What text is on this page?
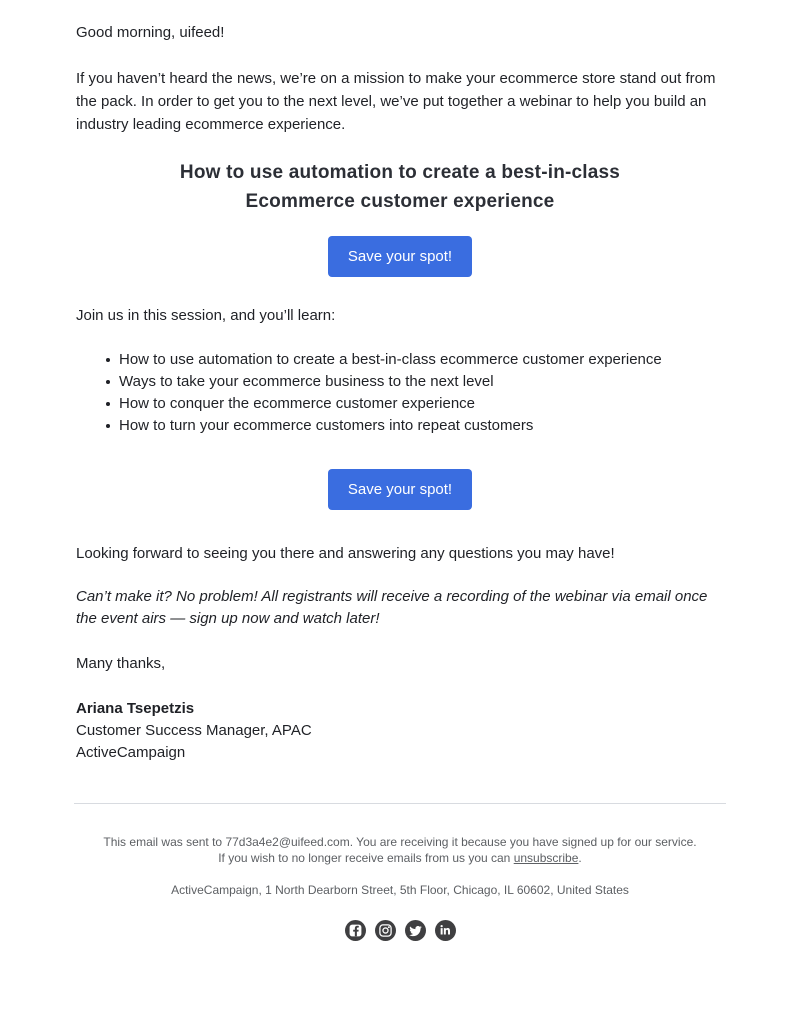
Good morning, uifeed!

If you haven’t heard the news, we’re on a mission to make your ecommerce store stand out from the pack. In order to get you to the next level, we’ve put together a webinar to help you build an industry leading ecommerce experience.

How to use automation to create a best-in-class
Ecommerce customer experience
Save your spot!

Join us in this session, and you’ll learn:

How to use automation to create a best-in-class ecommerce customer experience
Ways to take your ecommerce business to the next level
How to conquer the ecommerce customer experience
How to turn your ecommerce customers into repeat customers
Save your spot!

Looking forward to seeing you there and answering any questions you may have!

Can’t make it? No problem! All registrants will receive a recording of the webinar via email once the event airs — sign up now and watch later!

Many thanks,

Ariana Tsepetzis
Customer Success Manager, APAC
ActiveCampaign

This email was sent to 77d3a4e2@uifeed.com. You are receiving it because you have signed up for our service. If you wish to no longer receive emails from us you can unsubscribe.

ActiveCampaign, 1 North Dearborn Street, 5th Floor, Chicago, IL 60602, United States
